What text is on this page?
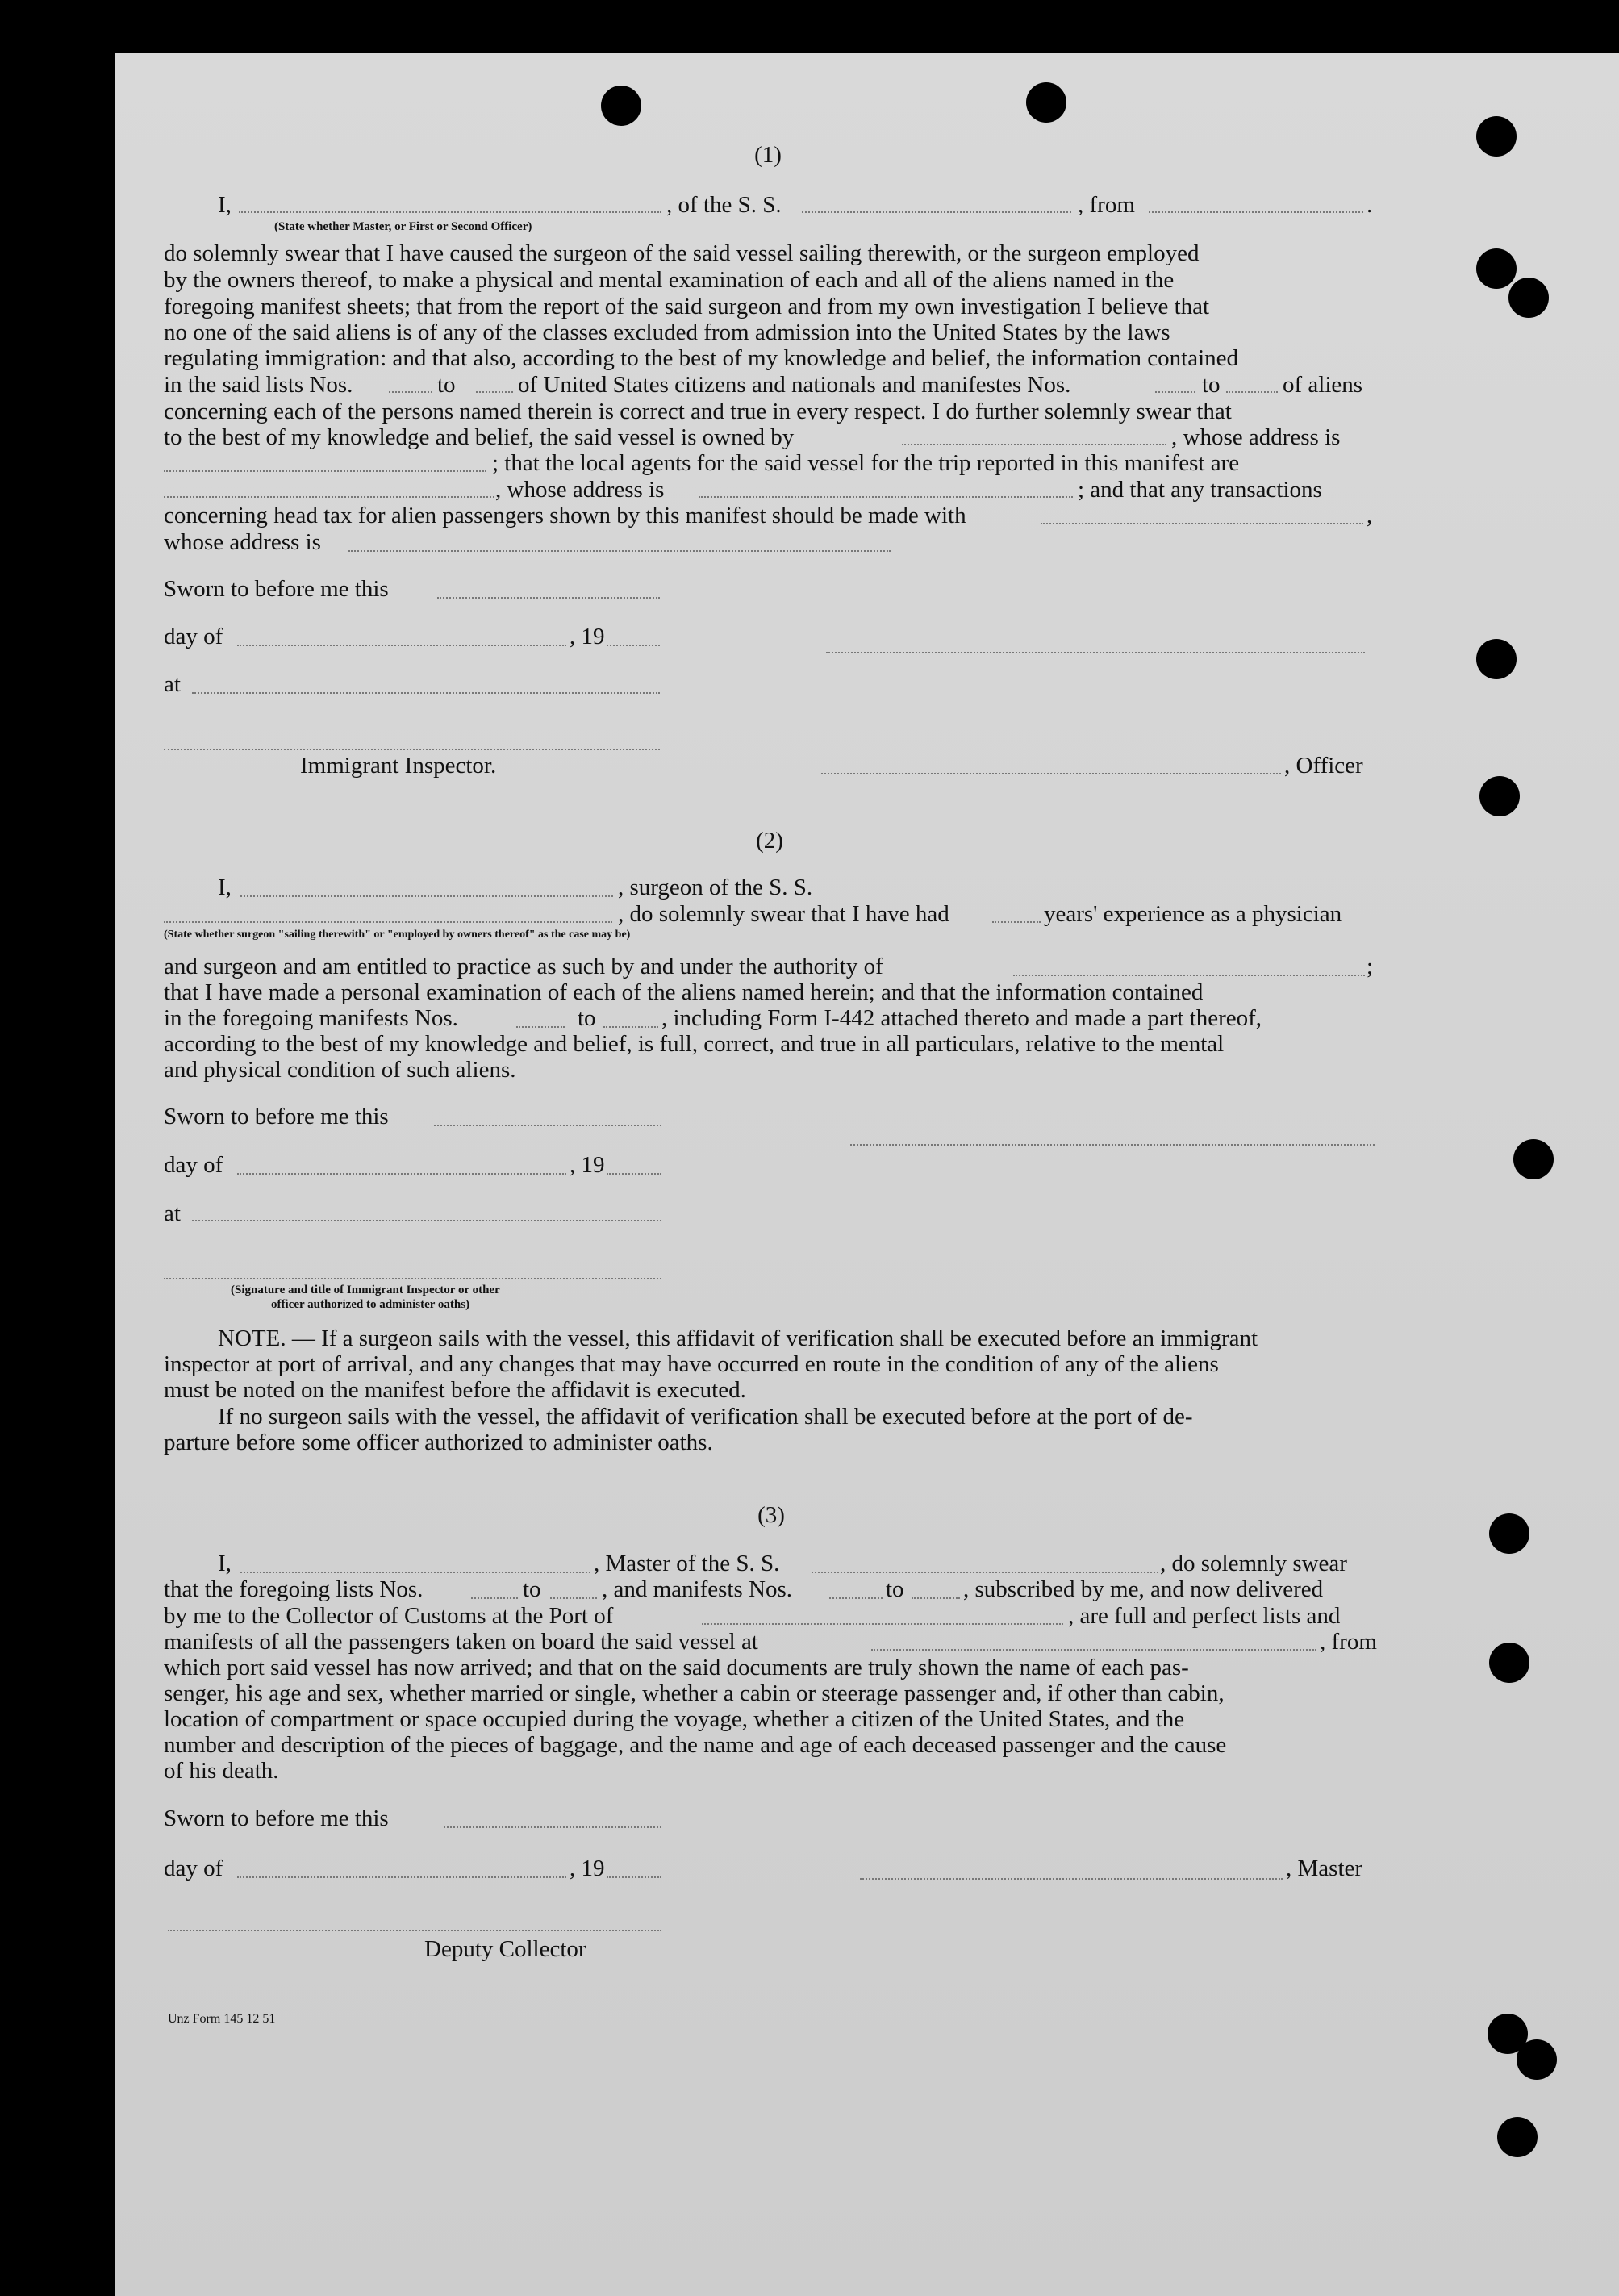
(1)
I,	, of the S. S.	, from	.
(State whether Master, or First or Second Officer)
do solemnly swear that I have caused the surgeon of the said vessel sailing therewith, or the surgeon employed
by the owners thereof, to make a physical and mental examination of each and all of the aliens named in the
foregoing manifest sheets; that from the report of the said surgeon and from my own investigation I believe that
no one of the said aliens is of any of the classes excluded from admission into the United States by the laws
regulating immigration: and that also, according to the best of my knowledge and belief, the information contained
in the said lists Nos.	to	of United States citizens and nationals and manifestes Nos.	to	of aliens
concerning each of the persons named therein is correct and true in every respect. I do further solemnly swear that
to the best of my knowledge and belief, the said vessel is owned by	, whose address is
; that the local agents for the said vessel for the trip reported in this manifest are
, whose address is	; and that any transactions
concerning head tax for alien passengers shown by this manifest should be made with	,
whose address is
Sworn to before me this
day of	, 19
at
Immigrant Inspector.	, Officer
(2)
I,	, surgeon of the S. S.
, do solemnly swear that I have had	years' experience as a physician
(State whether surgeon "sailing therewith" or "employed by owners thereof" as the case may be)
and surgeon and am entitled to practice as such by and under the authority of	;
that I have made a personal examination of each of the aliens named herein; and that the information contained
in the foregoing manifests Nos.	to	, including Form I-442 attached thereto and made a part thereof,
according to the best of my knowledge and belief, is full, correct, and true in all particulars, relative to the mental
and physical condition of such aliens.
Sworn to before me this
day of	, 19
at
(Signature and title of Immigrant Inspector or other
officer authorized to administer oaths)
NOTE. — If a surgeon sails with the vessel, this affidavit of verification shall be executed before an immigrant
inspector at port of arrival, and any changes that may have occurred en route in the condition of any of the aliens
must be noted on the manifest before the affidavit is executed.
If no surgeon sails with the vessel, the affidavit of verification shall be executed before at the port of de-
parture before some officer authorized to administer oaths.
(3)
I,	, Master of the S. S.	, do solemnly swear
that the foregoing lists Nos.	to	, and manifests Nos.	to	, subscribed by me, and now delivered
by me to the Collector of Customs at the Port of	, are full and perfect lists and
manifests of all the passengers taken on board the said vessel at	, from
which port said vessel has now arrived; and that on the said documents are truly shown the name of each pas-
senger, his age and sex, whether married or single, whether a cabin or steerage passenger and, if other than cabin,
location of compartment or space occupied during the voyage, whether a citizen of the United States, and the
number and description of the pieces of baggage, and the name and age of each deceased passenger and the cause
of his death.
Sworn to before me this
day of	, 19	, Master
Deputy Collector
Unz Form 145 12 51
